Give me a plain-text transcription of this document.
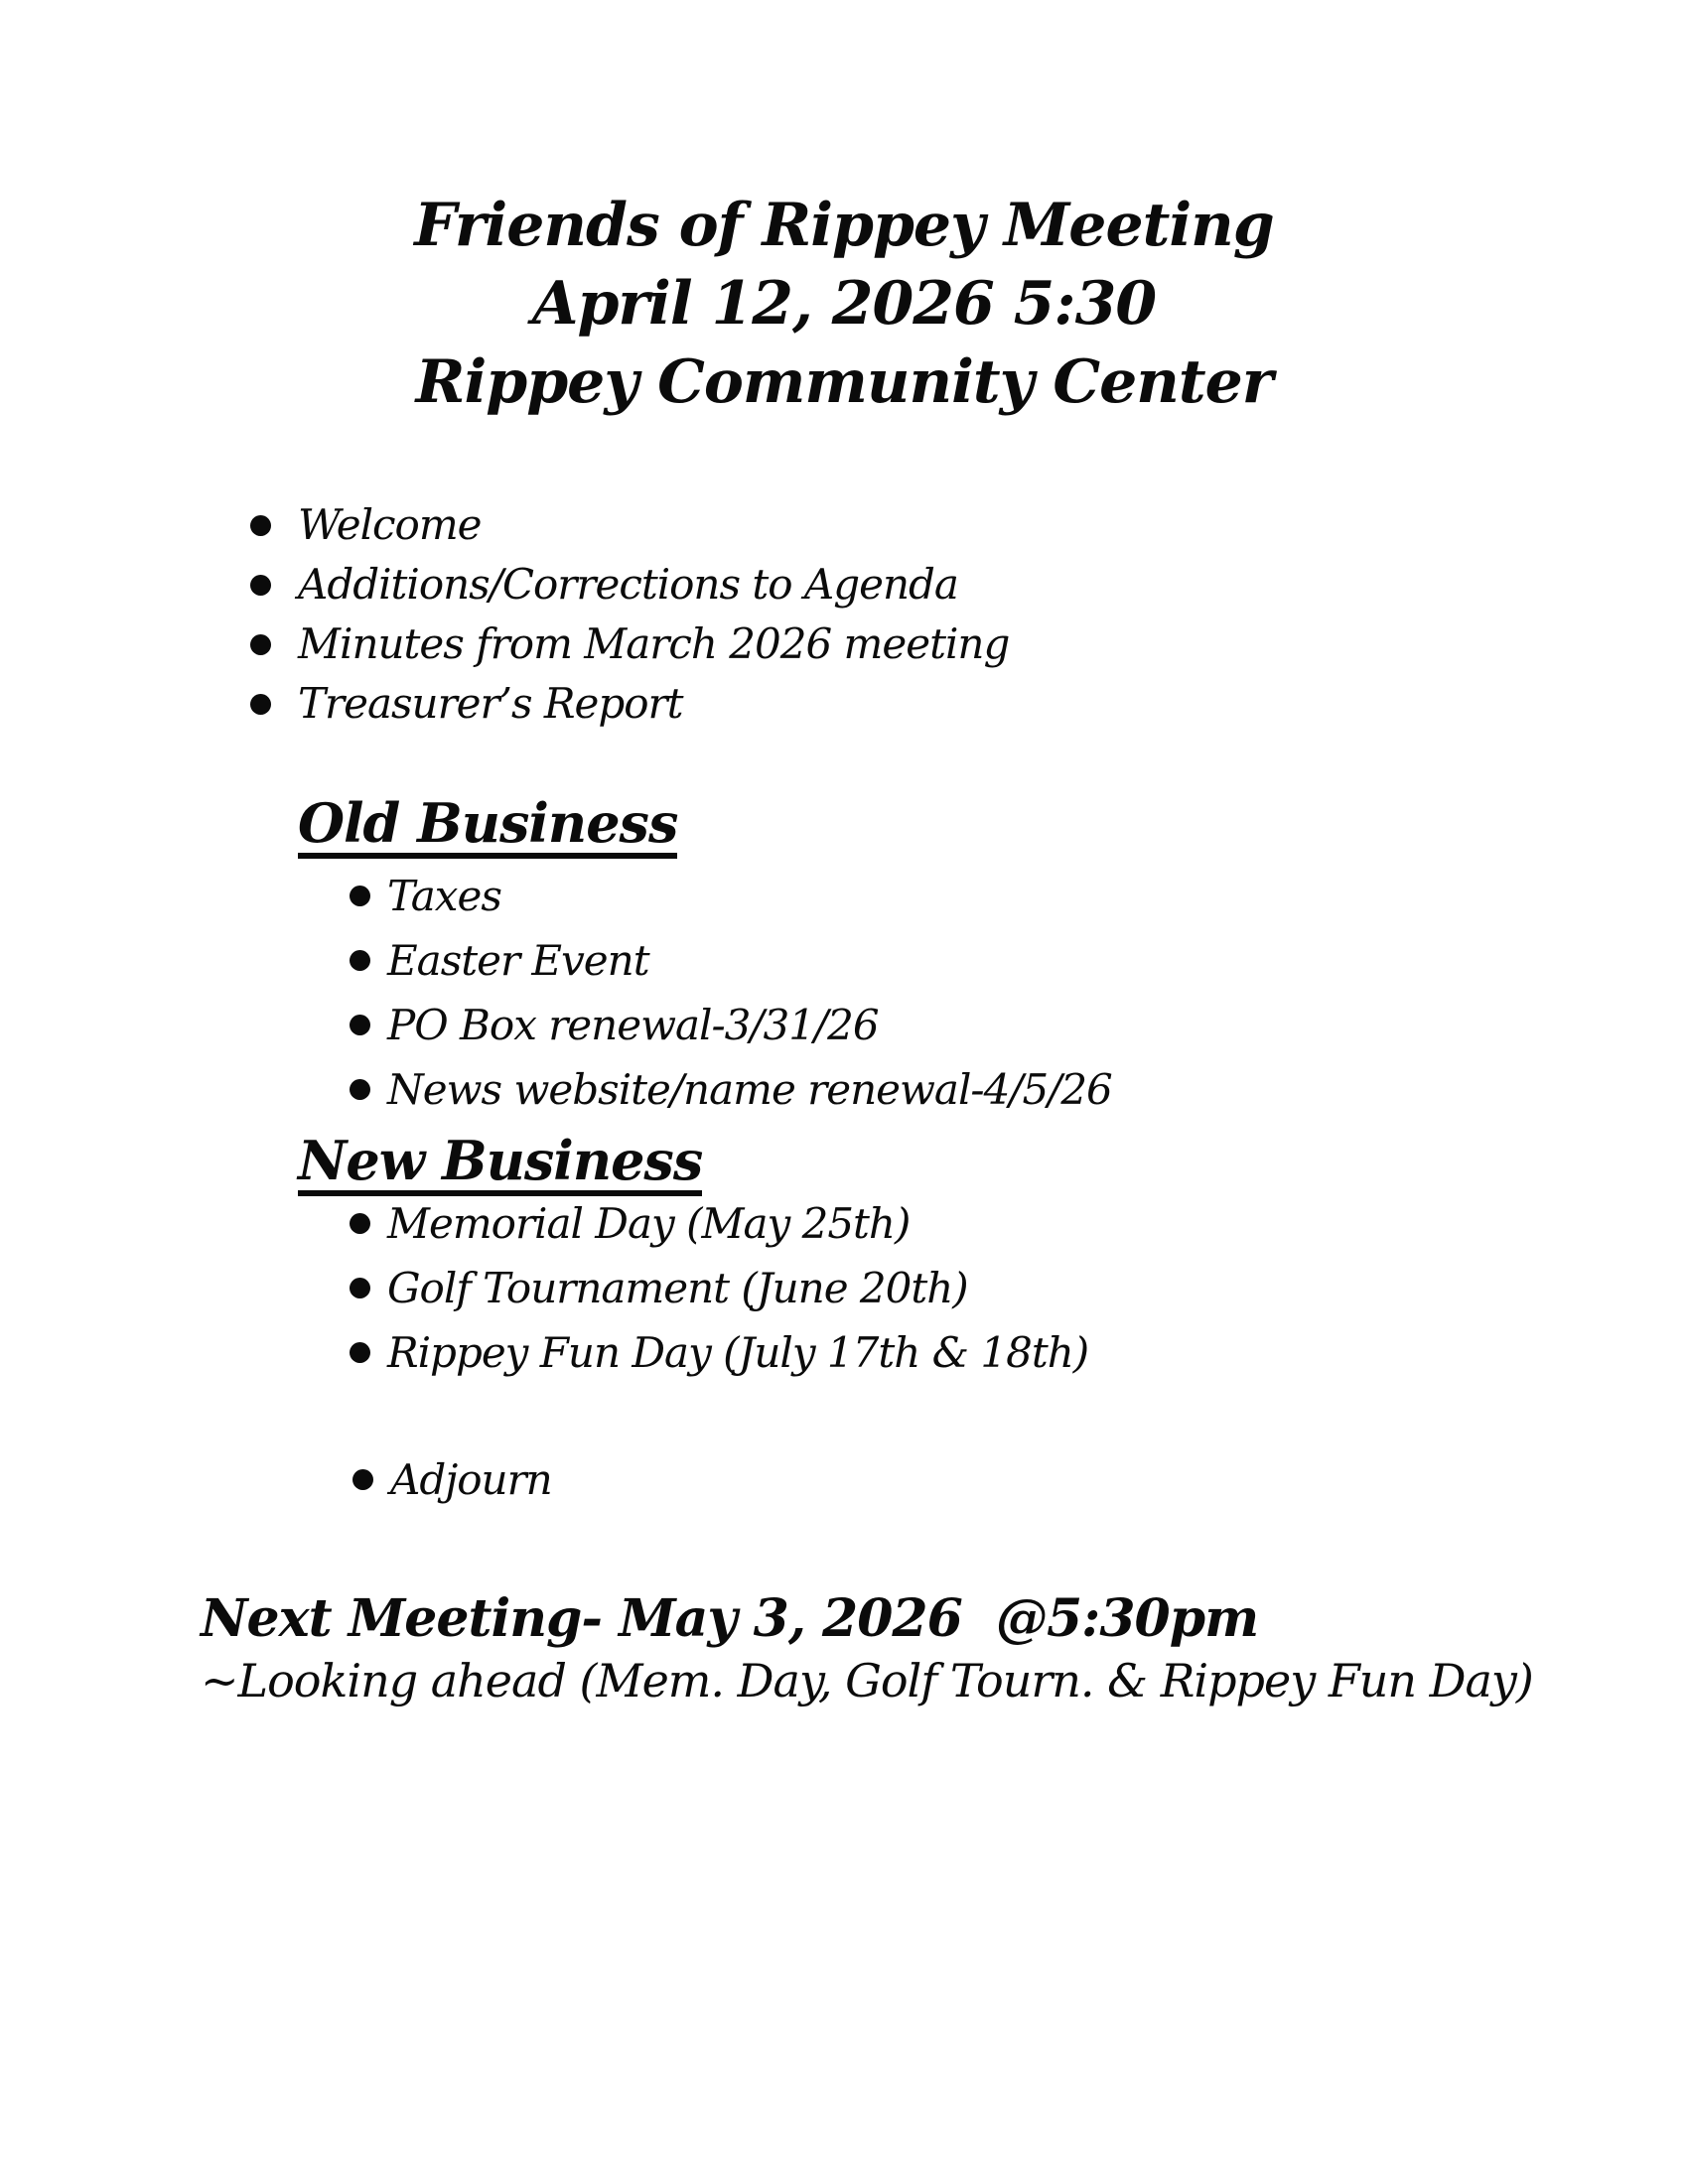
Friends of Rippey Meeting
April 12, 2026 5:30
Rippey Community Center
Welcome
Additions/Corrections to Agenda
Minutes from March 2026 meeting
Treasurer’s Report
Old Business
Taxes
Easter Event
PO Box renewal-3/31/26
News website/name renewal-4/5/26
New Business
Memorial Day (May 25th)
Golf Tournament (June 20th)
Rippey Fun Day (July 17th & 18th)
Adjourn

Next Meeting- May 3, 2026  @5:30pm

~Looking ahead (Mem. Day, Golf Tourn. & Rippey Fun Day)
